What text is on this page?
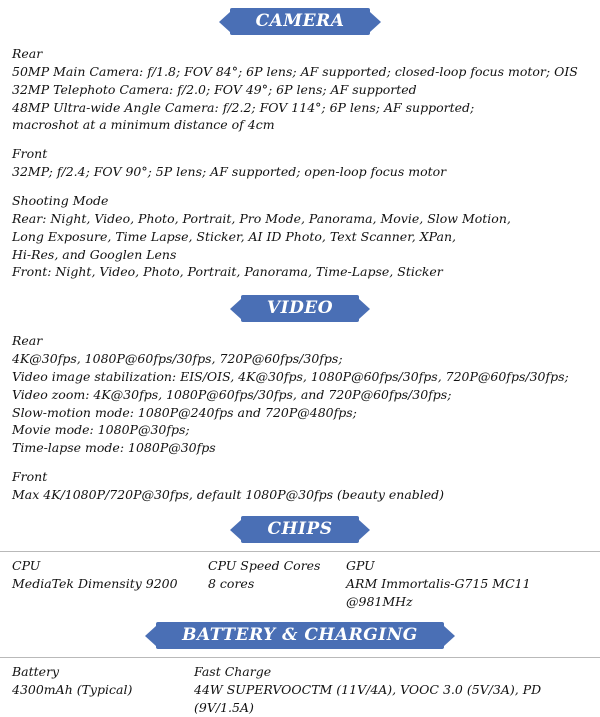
CAMERA
Rear
50MP Main Camera: f/1.8; FOV 84°; 6P lens; AF supported; closed-loop focus motor; OIS
32MP Telephoto Camera: f/2.0; FOV 49°; 6P lens; AF supported
48MP Ultra-wide Angle Camera: f/2.2; FOV 114°; 6P lens; AF supported;
macroshot at a minimum distance of 4cm
Front
32MP; f/2.4; FOV 90°; 5P lens; AF supported; open-loop focus motor
Shooting Mode
Rear: Night, Video, Photo, Portrait, Pro Mode, Panorama, Movie, Slow Motion,
Long Exposure, Time Lapse, Sticker, AI ID Photo, Text Scanner, XPan,
Hi-Res, and Googlen Lens
Front: Night, Video, Photo, Portrait, Panorama, Time-Lapse, Sticker
VIDEO
Rear
4K@30fps, 1080P@60fps/30fps, 720P@60fps/30fps;
Video image stabilization: EIS/OIS, 4K@30fps, 1080P@60fps/30fps, 720P@60fps/30fps;
Video zoom: 4K@30fps, 1080P@60fps/30fps, and 720P@60fps/30fps;
Slow-motion mode: 1080P@240fps and 720P@480fps;
Movie mode: 1080P@30fps;
Time-lapse mode: 1080P@30fps
Front
Max 4K/1080P/720P@30fps, default 1080P@30fps (beauty enabled)
CHIPS
CPU	CPU Speed Cores	GPU
MediaTek Dimensity 9200	8 cores	ARM Immortalis-G715 MC11 @981MHz
BATTERY & CHARGING
Battery	Fast Charge
4300mAh (Typical)	44W SUPERVOOCTM (11V/4A), VOOC 3.0 (5V/3A), PD (9V/1.5A)
